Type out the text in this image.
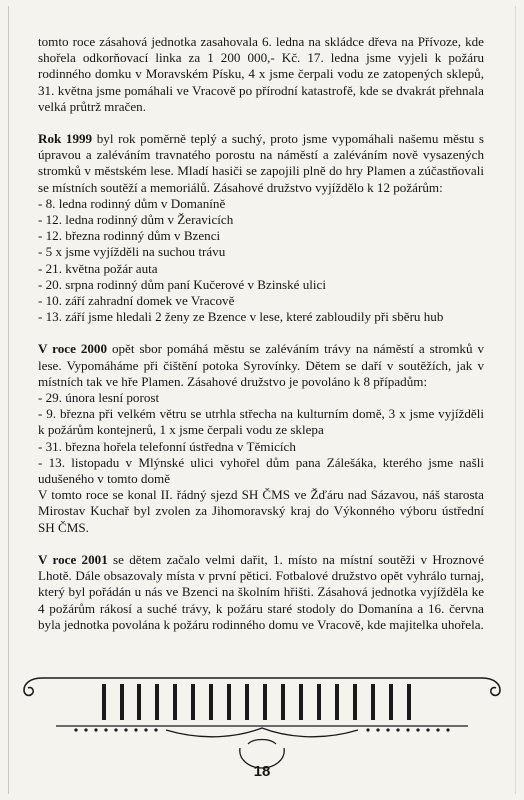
tomto roce zásahová jednotka zasahovala 6. ledna na skládce dřeva na Přívoze, kde shořela odkorňovací linka za 1 200 000,- Kč. 17. ledna jsme vyjeli k požáru rodinného domku v Moravském Písku, 4 x jsme čerpali vodu ze zatopených sklepů, 31. května jsme pomáhali ve Vracově po přírodní katastrofě, kde se dvakrát přehnala velká průtrž mračen.

Rok 1999 byl rok poměrně teplý a suchý, proto jsme vypomáhali našemu městu s úpravou a zaléváním travnatého porostu na náměstí a zaléváním nově vysazených stromků v městském lese. Mladí hasiči se zapojili plně do hry Plamen a zúčastňovali se místních soutěží a memoriálů. Zásahové družstvo vyjíždělo k 12 požárům:

- 8. ledna rodinný dům v Domaníně
- 12. ledna rodinný dům v Žeravicích
- 12. března rodinný dům v Bzenci
- 5 x jsme vyjížděli na suchou trávu
- 21. května požár auta
- 20. srpna rodinný dům paní Kučerové v Bzinské ulici
- 10. září zahradní domek ve Vracově
- 13. září jsme hledali 2 ženy ze Bzence v lese, které zabloudily při sběru hub

V roce 2000 opět sbor pomáhá městu se zaléváním trávy na náměstí a stromků v lese. Vypomáháme při čištění potoka Syrovínky. Dětem se daří v soutěžích, jak v místních tak ve hře Plamen. Zásahové družstvo je povoláno k 8 případům:

- 29. února lesní porost
- 9. března při velkém větru se utrhla střecha na kulturním domě, 3 x jsme vyjížděli k požárům kontejnerů, 1 x jsme čerpali vodu ze sklepa
- 31. března hořela telefonní ústředna v Těmicích
- 13. listopadu v Mlýnské ulici vyhořel dům pana Zálešáka, kterého jsme našli udušeného v tomto domě

V tomto roce se konal II. řádný sjezd SH ČMS ve Žďáru nad Sázavou, náš starosta Mirostav Kuchař byl zvolen za Jihomoravský kraj do Výkonného výboru ústřední SH ČMS.

V roce 2001 se dětem začalo velmi dařit, 1. místo na místní soutěži v Hroznové Lhotě. Dále obsazovaly místa v první pětici. Fotbalové družstvo opět vyhrálo turnaj, který byl pořádán u nás ve Bzenci na školním hřišti. Zásahová jednotka vyjížděla ke 4 požárům rákosí a suché trávy, k požáru staré stodoly do Domanína a 16. června byla jednotka povolána k požáru rodinného domu ve Vracově, kde majitelka uhořela.

18
